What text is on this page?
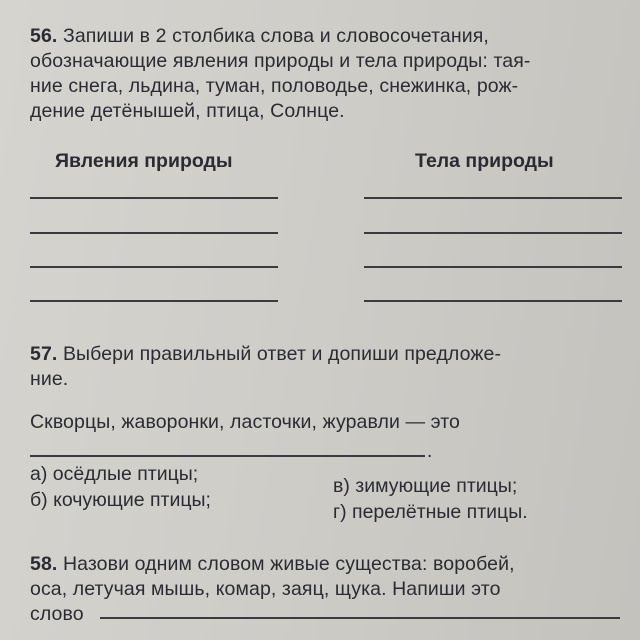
56. Запиши в 2 столбика слова и словосочетания,
обозначающие явления природы и тела природы: тая-
ние снега, льдина, туман, половодье, снежинка, рож-
дение детёнышей, птица, Солнце.
Явления природы	Тела природы
57. Выбери правильный ответ и допиши предложе-
ние.
Скворцы, жаворонки, ласточки, журавли — это
.
а) осёдлые птицы;
б) кочующие птицы;
в) зимующие птицы;
г) перелётные птицы.
58. Назови одним словом живые существа: воробей,
оса, летучая мышь, комар, заяц, щука. Напиши это
слово
